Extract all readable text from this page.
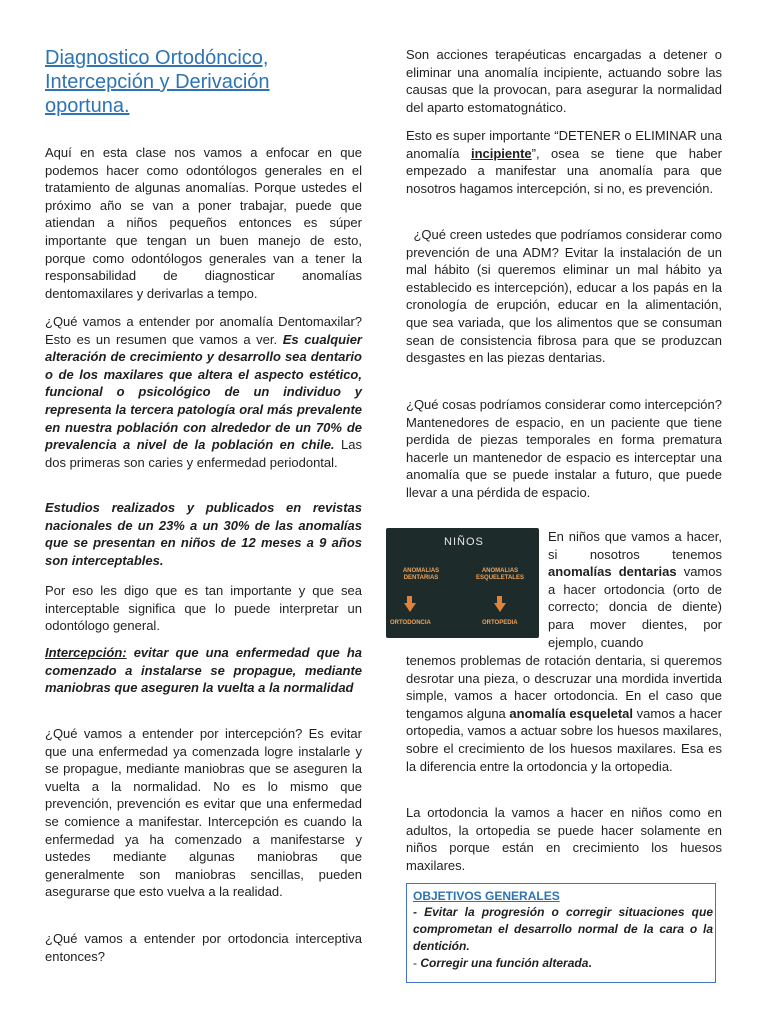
Diagnostico Ortodóncico, Intercepción y Derivación oportuna.

Aquí en esta clase nos vamos a enfocar en que podemos hacer como odontólogos generales en el tratamiento de algunas anomalías. Porque ustedes el próximo año se van a poner trabajar, puede que atiendan a niños pequeños entonces es súper importante que tengan un buen manejo de esto, porque como odontólogos generales van a tener la responsabilidad de diagnosticar anomalías dentomaxilares y derivarlas a tempo.

¿Qué vamos a entender por anomalía Dentomaxilar? Esto es un resumen que vamos a ver. Es cualquier alteración de crecimiento y desarrollo sea dentario o de los maxilares que altera el aspecto estético, funcional o psicológico de un individuo y representa la tercera patología oral más prevalente en nuestra población con alrededor de un 70% de prevalencia a nivel de la población en chile. Las dos primeras son caries y enfermedad periodontal.

Estudios realizados y publicados en revistas nacionales de un 23% a un 30% de las anomalías que se presentan en niños de 12 meses a 9 años son interceptables.

Por eso les digo que es tan importante y que sea interceptable significa que lo puede interpretar un odontólogo general.

Intercepción: evitar que una enfermedad que ha comenzado a instalarse se propague, mediante maniobras que aseguren la vuelta a la normalidad

¿Qué vamos a entender por intercepción? Es evitar que una enfermedad ya comenzada logre instalarle y se propague, mediante maniobras que se aseguren la vuelta a la normalidad. No es lo mismo que prevención, prevención es evitar que una enfermedad se comience a manifestar. Intercepción es cuando la enfermedad ya ha comenzado a manifestarse y ustedes mediante algunas maniobras que generalmente son maniobras sencillas, pueden asegurarse que esto vuelva a la realidad.

¿Qué vamos a entender por ortodoncia interceptiva entonces?

Son acciones terapéuticas encargadas a detener o eliminar una anomalía incipiente, actuando sobre las causas que la provocan, para asegurar la normalidad del aparto estomatognático.

Esto es super importante “DETENER o ELIMINAR una anomalía incipiente”, osea se tiene que haber empezado a manifestar una anomalía para que nosotros hagamos intercepción, si no, es prevención.

¿Qué creen ustedes que podríamos considerar como prevención de una ADM? Evitar la instalación de un mal hábito (si queremos eliminar un mal hábito ya establecido es intercepción), educar a los papás en la cronología de erupción, educar en la alimentación, que sea variada, que los alimentos que se consuman sean de consistencia fibrosa para que se produzcan desgastes en las piezas dentarias.

¿Qué cosas podríamos considerar como intercepción? Mantenedores de espacio, en un paciente que tiene perdida de piezas temporales en forma prematura hacerle un mantenedor de espacio es interceptar una anomalía que se puede instalar a futuro, que puede llevar a una pérdida de espacio.

NIÑOS
ANOMALIAS DENTARIAS
ANOMALIAS ESQUELETALES
ORTODONCIA	ORTOPEDIA

En niños que vamos a hacer, si nosotros tenemos anomalías dentarias vamos a hacer ortodoncia (orto de correcto; doncia de diente) para mover dientes, por ejemplo, cuando

tenemos problemas de rotación dentaria, si queremos desrotar una pieza, o descruzar una mordida invertida simple, vamos a hacer ortodoncia. En el caso que tengamos alguna anomalía esqueletal vamos a hacer ortopedia, vamos a actuar sobre los huesos maxilares, sobre el crecimiento de los huesos maxilares. Esa es la diferencia entre la ortodoncia y la ortopedia.

La ortodoncia la vamos a hacer en niños como en adultos, la ortopedia se puede hacer solamente en niños porque están en crecimiento los huesos maxilares.

OBJETIVOS GENERALES
- Evitar la progresión o corregir situaciones que comprometan el desarrollo normal de la cara o la dentición.
- Corregir una función alterada.
